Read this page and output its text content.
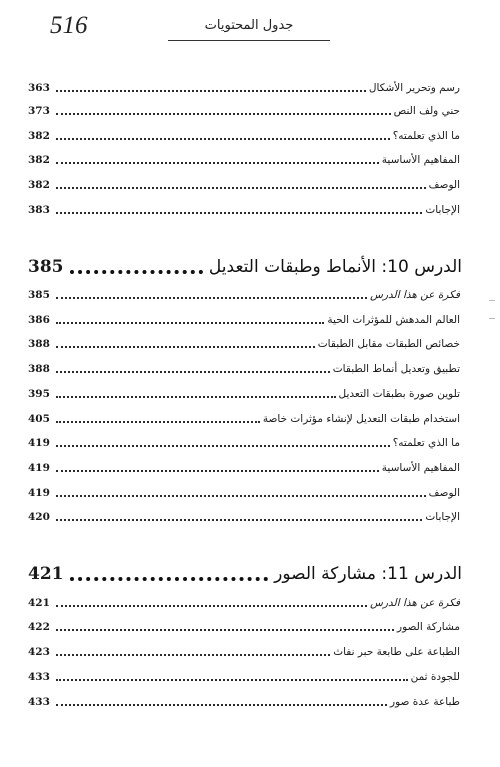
516	جدول المحتويات
رسم وتحرير الأشكال
363
حني ولف النص
373
ما الذي تعلمته؟
382
المفاهيم الأساسية
382
الوصف
382
الإجابات
383
الدرس 10: الأنماط وطبقات التعديل
385
فكرة عن هذا الدرس
385
العالم المدهش للمؤثرات الحية
386
خصائص الطبقات مقابل الطبقات
388
تطبيق وتعديل أنماط الطبقات
388
تلوين صورة بطبقات التعديل
395
استخدام طبقات التعديل لإنشاء مؤثرات خاصة
405
ما الذي تعلمته؟
419
المفاهيم الأساسية
419
الوصف
419
الإجابات
420
الدرس 11: مشاركة الصور
421
فكرة عن هذا الدرس
421
مشاركة الصور
422
الطباعة على طابعة حبر نفاث
423
للجودة ثمن
433
طباعة عدة صور
433
